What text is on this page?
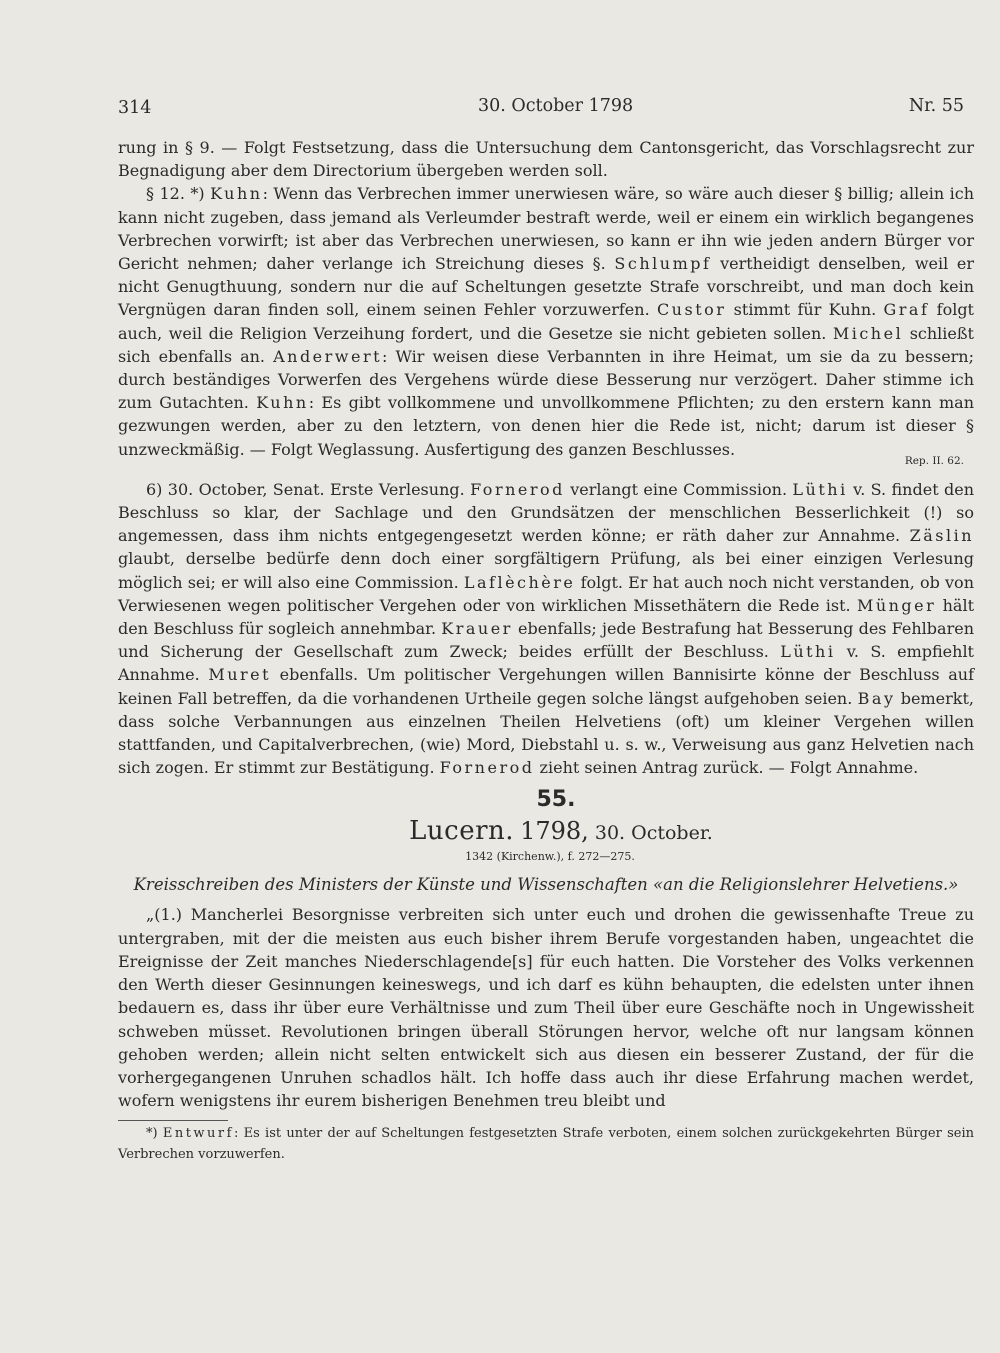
314	30. October 1798	Nr. 55

rung in § 9. — Folgt Festsetzung, dass die Untersuchung dem Cantonsgericht, das Vorschlagsrecht zur Begnadigung aber dem Directorium übergeben werden soll.

§ 12. *) Kuhn: Wenn das Verbrechen immer unerwiesen wäre, so wäre auch dieser § billig; allein ich kann nicht zugeben, dass jemand als Verleumder bestraft werde, weil er einem ein wirklich begangenes Verbrechen vorwirft; ist aber das Verbrechen unerwiesen, so kann er ihn wie jeden andern Bürger vor Gericht nehmen; daher verlange ich Streichung dieses §. Schlumpf vertheidigt denselben, weil er nicht Genugthuung, sondern nur die auf Scheltungen gesetzte Strafe vorschreibt, und man doch kein Vergnügen daran finden soll, einem seinen Fehler vorzuwerfen. Custor stimmt für Kuhn. Graf folgt auch, weil die Religion Verzeihung fordert, und die Gesetze sie nicht gebieten sollen. Michel schließt sich ebenfalls an. Anderwert: Wir weisen diese Verbannten in ihre Heimat, um sie da zu bessern; durch beständiges Vorwerfen des Vergehens würde diese Besserung nur verzögert. Daher stimme ich zum Gutachten. Kuhn: Es gibt vollkommene und unvollkommene Pflichten; zu den erstern kann man gezwungen werden, aber zu den letztern, von denen hier die Rede ist, nicht; darum ist dieser § unzweckmäßig. — Folgt Weglassung. Ausfertigung des ganzen Beschlusses.

Rep. II. 62.

6) 30. October, Senat. Erste Verlesung. Fornerod verlangt eine Commission. Lüthi v. S. findet den Beschluss so klar, der Sachlage und den Grundsätzen der menschlichen Besserlichkeit (!) so angemessen, dass ihm nichts entgegengesetzt werden könne; er räth daher zur Annahme. Zäslin glaubt, derselbe bedürfe denn doch einer sorgfältigern Prüfung, als bei einer einzigen Verlesung möglich sei; er will also eine Commission. Laflèchère folgt. Er hat auch noch nicht verstanden, ob von Verwiesenen wegen politischer Vergehen oder von wirklichen Missethätern die Rede ist. Münger hält den Beschluss für sogleich annehmbar. Krauer ebenfalls; jede Bestrafung hat Besserung des Fehlbaren und Sicherung der Gesellschaft zum Zweck; beides erfüllt der Beschluss. Lüthi v. S. empfiehlt Annahme. Muret ebenfalls. Um politischer Vergehungen willen Bannisirte könne der Beschluss auf keinen Fall betreffen, da die vorhandenen Urtheile gegen solche längst aufgehoben seien. Bay bemerkt, dass solche Verbannungen aus einzelnen Theilen Helvetiens (oft) um kleiner Vergehen willen stattfanden, und Capitalverbrechen, (wie) Mord, Diebstahl u. s. w., Verweisung aus ganz Helvetien nach sich zogen. Er stimmt zur Bestätigung. Fornerod zieht seinen Antrag zurück. — Folgt Annahme.

55.

Lucern. 1798, 30. October.

1342 (Kirchenw.), f. 272—275.

Kreisschreiben des Ministers der Künste und Wissenschaften «an die Religionslehrer Helvetiens.»

„(1.) Mancherlei Besorgnisse verbreiten sich unter euch und drohen die gewissenhafte Treue zu untergraben, mit der die meisten aus euch bisher ihrem Berufe vorgestanden haben, ungeachtet die Ereignisse der Zeit manches Niederschlagende[s] für euch hatten. Die Vorsteher des Volks verkennen den Werth dieser Gesinnungen keineswegs, und ich darf es kühn behaupten, die edelsten unter ihnen bedauern es, dass ihr über eure Verhältnisse und zum Theil über eure Geschäfte noch in Ungewissheit schweben müsset. Revolutionen bringen überall Störungen hervor, welche oft nur langsam können gehoben werden; allein nicht selten entwickelt sich aus diesen ein besserer Zustand, der für die vorhergegangenen Unruhen schadlos hält. Ich hoffe dass auch ihr diese Erfahrung machen werdet, wofern wenigstens ihr eurem bisherigen Benehmen treu bleibt und

*) Entwurf: Es ist unter der auf Scheltungen festgesetzten Strafe verboten, einem solchen zurückgekehrten Bürger sein Verbrechen vorzuwerfen.
